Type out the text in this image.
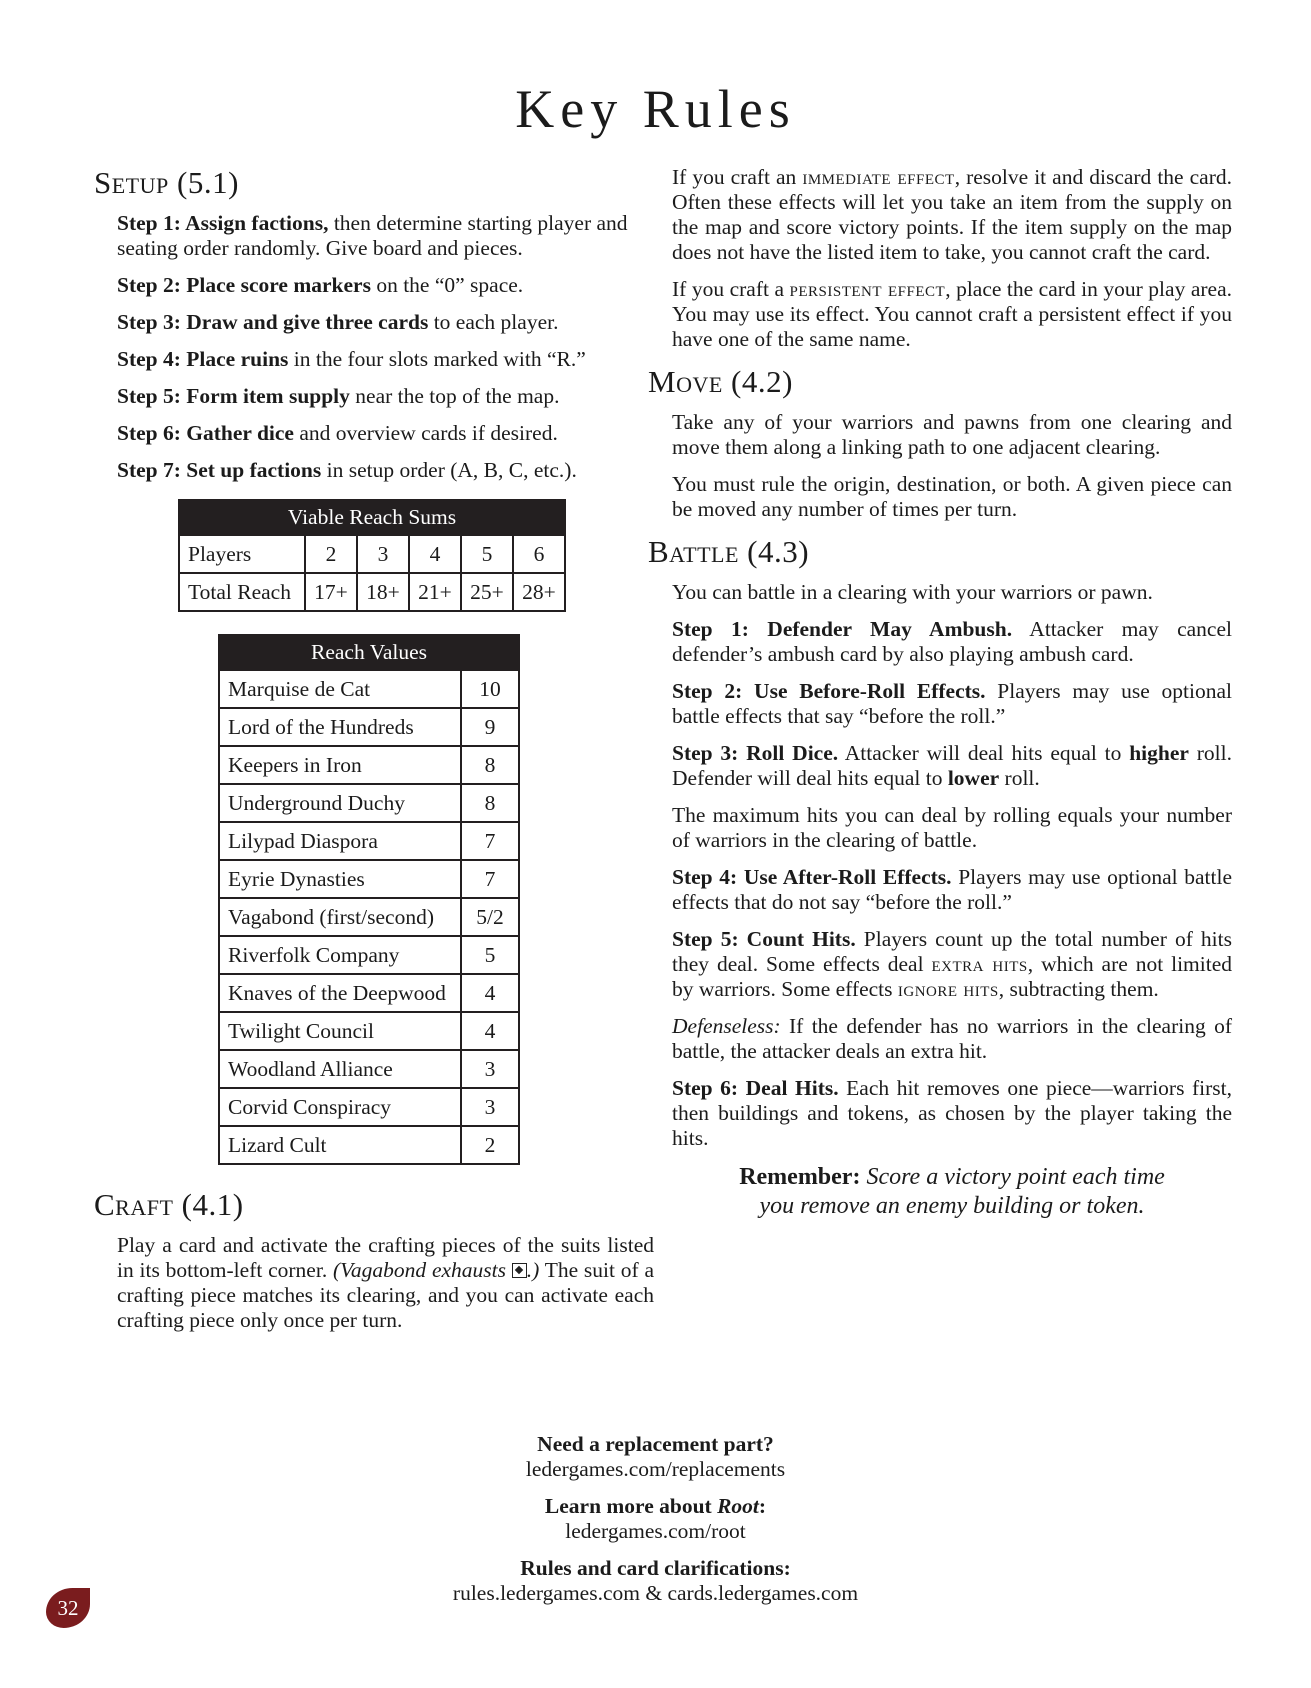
Key Rules
Setup (5.1)

Step 1: Assign factions, then determine starting player and seating order randomly. Give board and pieces.

Step 2: Place score markers on the “0” space.

Step 3: Draw and give three cards to each player.

Step 4: Place ruins in the four slots marked with “R.”

Step 5: Form item supply near the top of the map.

Step 6: Gather dice and overview cards if desired.

Step 7: Set up factions in setup order (A, B, C, etc.).

Viable Reach Sums					
Players	2	3	4	5	6
Total Reach	17+	18+	21+	25+	28+
Reach Values	
Marquise de Cat	10
Lord of the Hundreds	9
Keepers in Iron	8
Underground Duchy	8
Lilypad Diaspora	7
Eyrie Dynasties	7
Vagabond (first/second)	5/2
Riverfolk Company	5
Knaves of the Deepwood	4
Twilight Council	4
Woodland Alliance	3
Corvid Conspiracy	3
Lizard Cult	2
Craft (4.1)

Play a card and activate the crafting pieces of the suits listed in its bottom-left corner. (Vagabond exhausts .) The suit of a crafting piece matches its clearing, and you can activate each crafting piece only once per turn.

If you craft an immediate effect, resolve it and discard the card. Often these effects will let you take an item from the supply on the map and score victory points. If the item supply on the map does not have the listed item to take, you cannot craft the card.

If you craft a persistent effect, place the card in your play area. You may use its effect. You cannot craft a persistent effect if you have one of the same name.

Move (4.2)

Take any of your warriors and pawns from one clearing and move them along a linking path to one adjacent clearing.

You must rule the origin, destination, or both. A given piece can be moved any number of times per turn.

Battle (4.3)

You can battle in a clearing with your warriors or pawn.

Step 1: Defender May Ambush. Attacker may cancel defender’s ambush card by also playing ambush card.

Step 2: Use Before-Roll Effects. Players may use optional battle effects that say “before the roll.”

Step 3: Roll Dice. Attacker will deal hits equal to higher roll. Defender will deal hits equal to lower roll.

The maximum hits you can deal by rolling equals your number of warriors in the clearing of battle.

Step 4: Use After-Roll Effects. Players may use optional battle effects that do not say “before the roll.”

Step 5: Count Hits. Players count up the total number of hits they deal. Some effects deal extra hits, which are not limited by warriors. Some effects ignore hits, subtracting them.

Defenseless: If the defender has no warriors in the clearing of battle, the attacker deals an extra hit.

Step 6: Deal Hits. Each hit removes one piece—warriors first, then buildings and tokens, as chosen by the player taking the hits.

Remember: Score a victory point each time
you remove an enemy building or token.
Need a replacement part?
ledergames.com/replacements
Learn more about Root:
ledergames.com/root
Rules and card clarifications:
rules.ledergames.com & cards.ledergames.com
32
